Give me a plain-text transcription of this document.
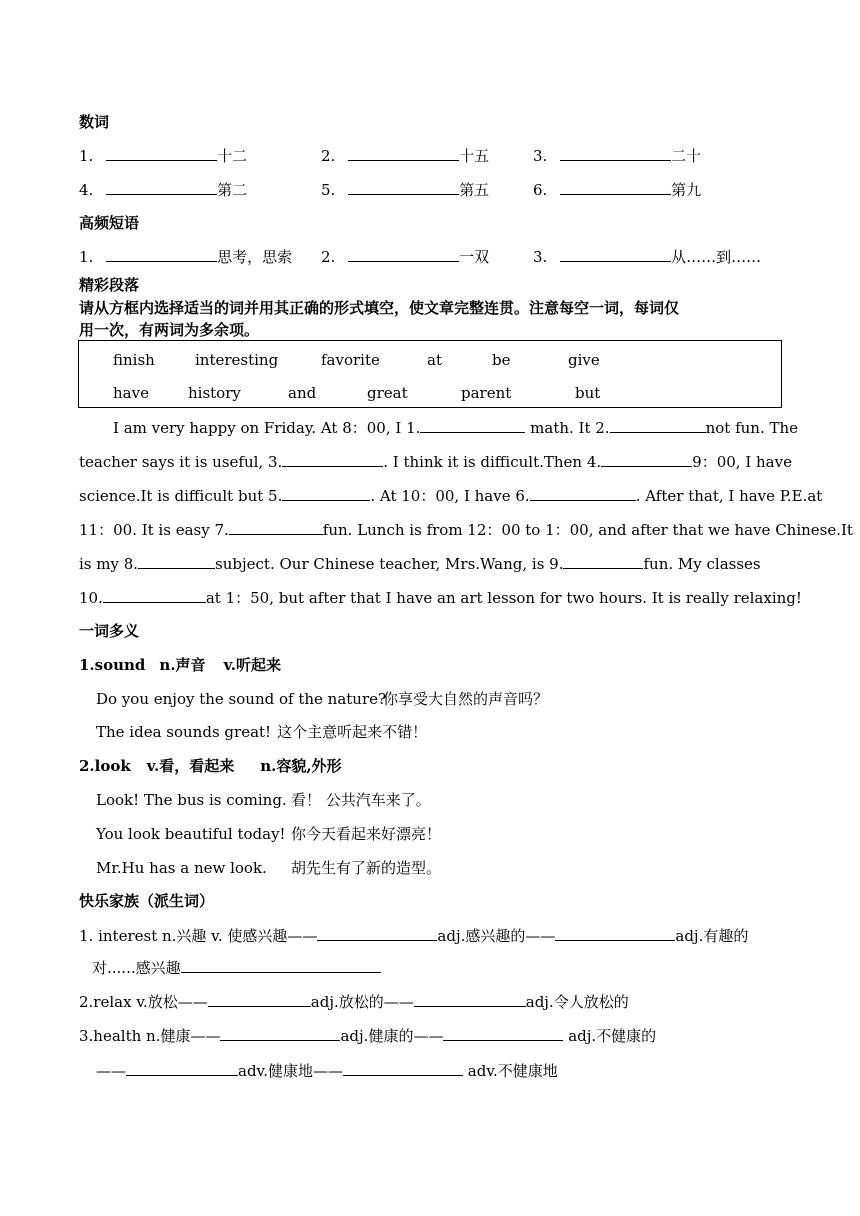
数词
1.	十二	2.	十五	3.	二十
4.	第二	5.	第五	6.	第九
高频短语
1.	思考，思索 2.	一双	3.	从……到……
精彩段落
请从方框内选择适当的词并用其正确的形式填空，使文章完整连贯。注意每空一词，每词仅
用一次，有两词为多余项。
finish	interesting	favorite	at	be	give
have	history	and	great	parent	but
I am very happy on Friday. At 8：00, I 1.	math. It 2.	not fun. The
teacher says it is useful, 3.	. I think it is difficult.Then 4.	9：00, I have
science.It is difficult but 5.	. At 10：00, I have 6.	. After that, I have P.E.at
11：00. It is easy 7.	fun. Lunch is from 12：00 to 1：00, and after that we have Chinese.It
is my 8.	subject. Our Chinese teacher, Mrs.Wang, is 9.	fun. My classes
10.	at 1：50, but after that I have an art lesson for two hours. It is really relaxing!
一词多义
1.sound n.声音 v.听起来
Do you enjoy the sound of the nature?
你享受大自然的声音吗？
The idea sounds great! 这个主意听起来不错！
2.look v.看，看起来 n.容貌,外形
Look! The bus is coming. 看！ 公共汽车来了。
You look beautiful today! 你今天看起来好漂亮！
Mr.Hu has a new look. 胡先生有了新的造型。
快乐家族（派生词）
1. interest n.兴趣 v. 使感兴趣——	adj.感兴趣的——	adj.有趣的
对......感兴趣
2.relax v.放松——	adj.放松的——	adj.令人放松的
3.health n.健康——	adj.健康的——	adj.不健康的
——	adv.健康地——	adv.不健康地
